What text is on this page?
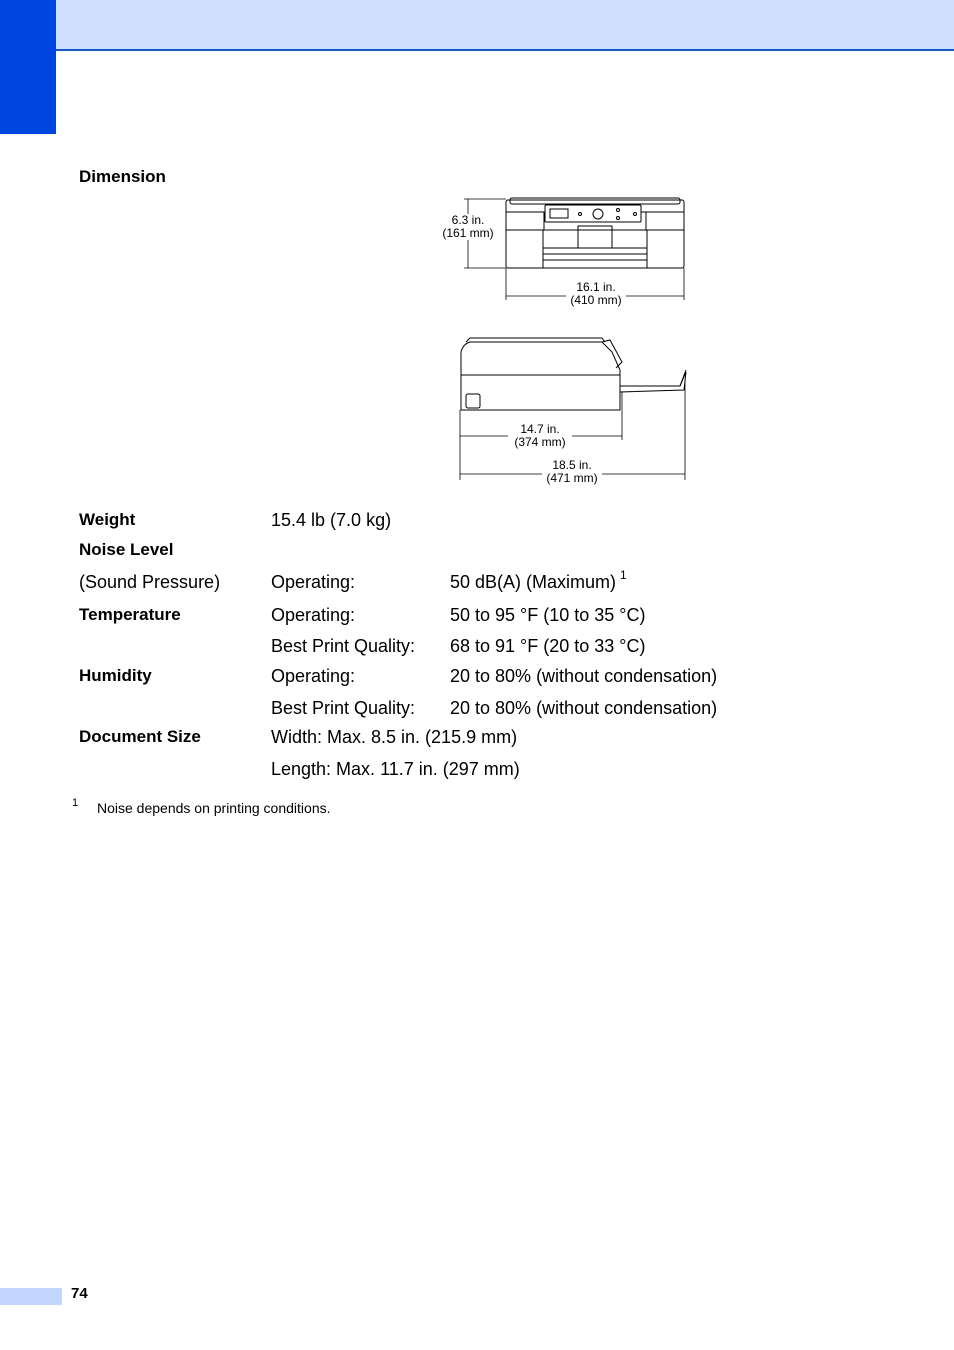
Dimension
6.3 in.
(161 mm)
16.1 in.
(410 mm)
14.7 in.
(374 mm)
18.5 in.
(471 mm)
Weight	15.4 lb (7.0 kg)
Noise Level
(Sound Pressure)	Operating:	50 dB(A) (Maximum) $^1$
Temperature	Operating:	50 to 95 °F (10 to 35 °C)
Best Print Quality: 68 to 91 °F (20 to 33 °C)
Humidity	Operating:	20 to 80% (without condensation)
Best Print Quality: 20 to 80% (without condensation)
Document Size	Width: Max. 8.5 in. (215.9 mm)
Length: Max. 11.7 in. (297 mm)
1 Noise depends on printing conditions.
74
